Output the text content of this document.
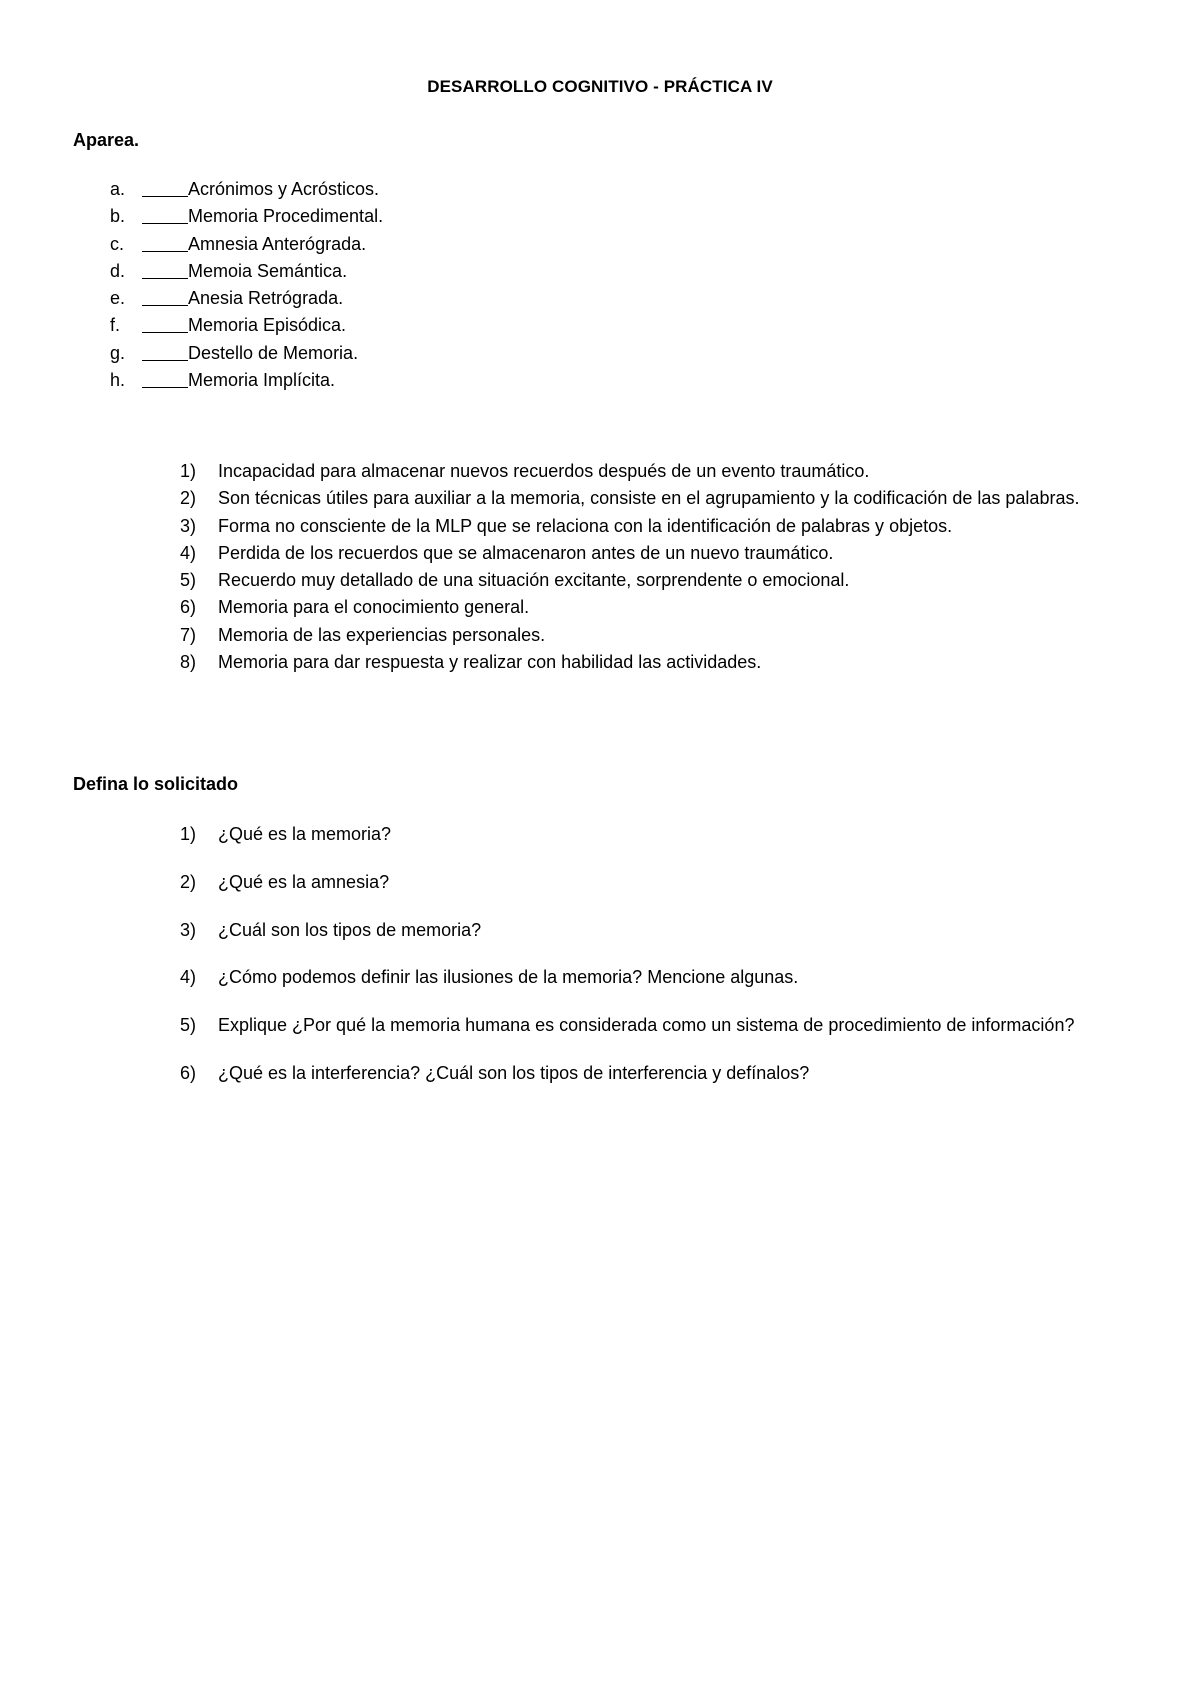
DESARROLLO COGNITIVO - PRÁCTICA IV
Aparea.
a.	Acrónimos y Acrósticos.
b.	Memoria Procedimental.
c.	Amnesia Anterógrada.
d.	Memoia Semántica.
e.	Anesia Retrógrada.
f.	Memoria Episódica.
g.	Destello de Memoria.
h.	Memoria Implícita.
1) Incapacidad para almacenar nuevos recuerdos después de un evento traumático.
2) Son técnicas útiles para auxiliar a la memoria, consiste en el agrupamiento y la codificación de las palabras.
3) Forma no consciente de la MLP que se relaciona con la identificación de palabras y objetos.
4) Perdida de los recuerdos que se almacenaron antes de un nuevo traumático.
5) Recuerdo muy detallado de una situación excitante, sorprendente o emocional.
6) Memoria para el conocimiento general.
7) Memoria de las experiencias personales.
8) Memoria para dar respuesta y realizar con habilidad las actividades.
Defina lo solicitado
1) ¿Qué es la memoria?
2) ¿Qué es la amnesia?
3) ¿Cuál son los tipos de memoria?
4) ¿Cómo podemos definir las ilusiones de la memoria? Mencione algunas.
5) Explique ¿Por qué la memoria humana es considerada como un sistema de procedimiento de información?
6) ¿Qué es la interferencia? ¿Cuál son los tipos de interferencia y defínalos?
